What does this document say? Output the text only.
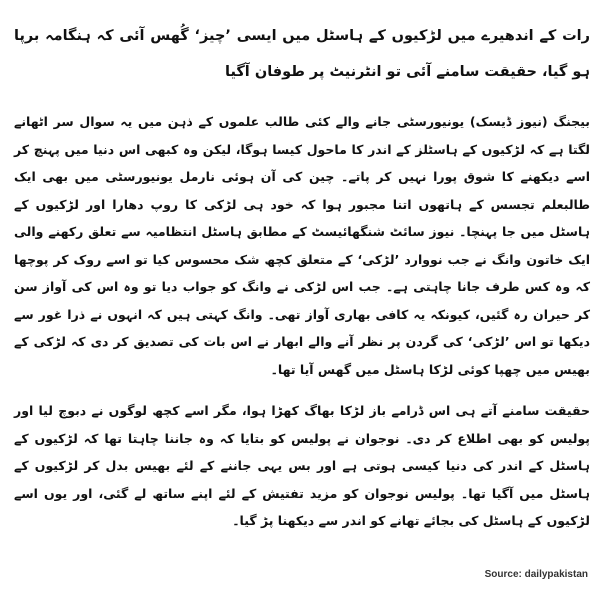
رات کے اندھیرے میں لڑکیوں کے ہاسٹل میں ایسی ’چیز‘ گُھس آئی کہ ہنگامہ برپا ہو گیا، حقیقت سامنے آئی تو انٹرنیٹ پر طوفان آگیا
بیجنگ (نیوز ڈیسک) یونیورسٹی جانے والے کئی طالب علموں کے ذہن میں یہ سوال سر اٹھانے لگتا ہے کہ لڑکیوں کے ہاسٹلز کے اندر کا ماحول کیسا ہوگا، لیکن وہ کبھی اس دنیا میں پہنچ کر اسے دیکھنے کا شوق پورا نہیں کر پاتے۔ چین کی آن ہوئی نارمل یونیورسٹی میں بھی ایک طالبعلم تجسس کے ہاتھوں اتنا مجبور ہوا کہ خود ہی لڑکی کا روپ دھارا اور لڑکیوں کے ہاسٹل میں جا پہنچا۔ نیوز سائٹ شنگھائیسٹ کے مطابق ہاسٹل انتظامیہ سے تعلق رکھنے والی ایک خاتون وانگ نے جب نووارد ’لڑکی‘ کے متعلق کچھ شک محسوس کیا تو اسے روک کر پوچھا کہ وہ کس طرف جانا چاہتی ہے۔ جب اس لڑکی نے وانگ کو جواب دیا تو وہ اس کی آواز سن کر حیران رہ گئیں، کیونکہ یہ کافی بھاری آواز تھی۔ وانگ کہتی ہیں کہ انہوں نے ذرا غور سے دیکھا تو اس ’لڑکی‘ کی گردن پر نظر آنے والے ابھار نے اس بات کی تصدیق کر دی کہ لڑکی کے بھیس میں چھپا کوئی لڑکا ہاسٹل میں گھس آیا تھا۔
حقیقت سامنے آتے ہی اس ڈرامے باز لڑکا بھاگ کھڑا ہوا، مگر اسے کچھ لوگوں نے دبوچ لیا اور پولیس کو بھی اطلاع کر دی۔ نوجوان نے پولیس کو بتایا کہ وہ جاننا چاہتا تھا کہ لڑکیوں کے ہاسٹل کے اندر کی دنیا کیسی ہوتی ہے اور بس یہی جاننے کے لئے بھیس بدل کر لڑکیوں کے ہاسٹل میں آگیا تھا۔ پولیس نوجوان کو مزید تفتیش کے لئے اپنے ساتھ لے گئی، اور یوں اسے لڑکیوں کے ہاسٹل کی بجائے تھانے کو اندر سے دیکھنا پڑ گیا۔
Source: dailypakistan
